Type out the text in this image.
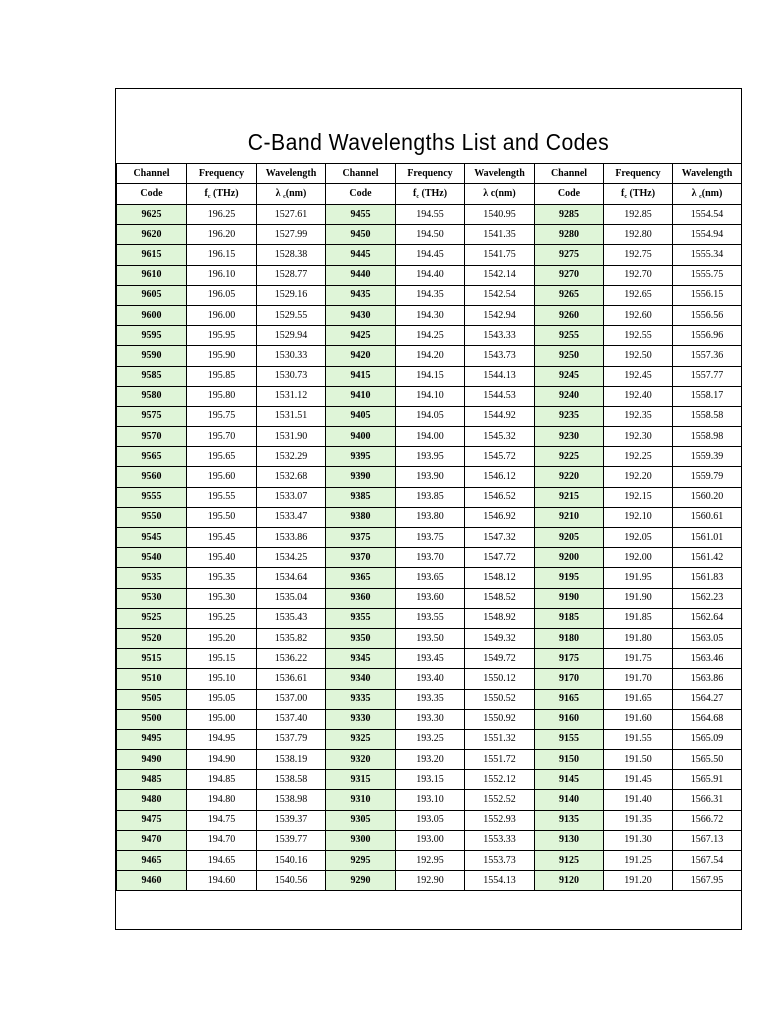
C-Band Wavelengths List and Codes
Channel	Frequency	Wavelength	Channel	Frequency	Wavelength	Channel	Frequency	Wavelength
Code	$f_c$ (THz)	λ $_c$(nm)	Code	$f_c$ (THz)	λ c(nm)	Code	$f_c$ (THz)	λ $_c$(nm)
9625	196.25	1527.61	9455	194.55	1540.95	9285	192.85	1554.54
9620	196.20	1527.99	9450	194.50	1541.35	9280	192.80	1554.94
9615	196.15	1528.38	9445	194.45	1541.75	9275	192.75	1555.34
9610	196.10	1528.77	9440	194.40	1542.14	9270	192.70	1555.75
9605	196.05	1529.16	9435	194.35	1542.54	9265	192.65	1556.15
9600	196.00	1529.55	9430	194.30	1542.94	9260	192.60	1556.56
9595	195.95	1529.94	9425	194.25	1543.33	9255	192.55	1556.96
9590	195.90	1530.33	9420	194.20	1543.73	9250	192.50	1557.36
9585	195.85	1530.73	9415	194.15	1544.13	9245	192.45	1557.77
9580	195.80	1531.12	9410	194.10	1544.53	9240	192.40	1558.17
9575	195.75	1531.51	9405	194.05	1544.92	9235	192.35	1558.58
9570	195.70	1531.90	9400	194.00	1545.32	9230	192.30	1558.98
9565	195.65	1532.29	9395	193.95	1545.72	9225	192.25	1559.39
9560	195.60	1532.68	9390	193.90	1546.12	9220	192.20	1559.79
9555	195.55	1533.07	9385	193.85	1546.52	9215	192.15	1560.20
9550	195.50	1533.47	9380	193.80	1546.92	9210	192.10	1560.61
9545	195.45	1533.86	9375	193.75	1547.32	9205	192.05	1561.01
9540	195.40	1534.25	9370	193.70	1547.72	9200	192.00	1561.42
9535	195.35	1534.64	9365	193.65	1548.12	9195	191.95	1561.83
9530	195.30	1535.04	9360	193.60	1548.52	9190	191.90	1562.23
9525	195.25	1535.43	9355	193.55	1548.92	9185	191.85	1562.64
9520	195.20	1535.82	9350	193.50	1549.32	9180	191.80	1563.05
9515	195.15	1536.22	9345	193.45	1549.72	9175	191.75	1563.46
9510	195.10	1536.61	9340	193.40	1550.12	9170	191.70	1563.86
9505	195.05	1537.00	9335	193.35	1550.52	9165	191.65	1564.27
9500	195.00	1537.40	9330	193.30	1550.92	9160	191.60	1564.68
9495	194.95	1537.79	9325	193.25	1551.32	9155	191.55	1565.09
9490	194.90	1538.19	9320	193.20	1551.72	9150	191.50	1565.50
9485	194.85	1538.58	9315	193.15	1552.12	9145	191.45	1565.91
9480	194.80	1538.98	9310	193.10	1552.52	9140	191.40	1566.31
9475	194.75	1539.37	9305	193.05	1552.93	9135	191.35	1566.72
9470	194.70	1539.77	9300	193.00	1553.33	9130	191.30	1567.13
9465	194.65	1540.16	9295	192.95	1553.73	9125	191.25	1567.54
9460	194.60	1540.56	9290	192.90	1554.13	9120	191.20	1567.95
